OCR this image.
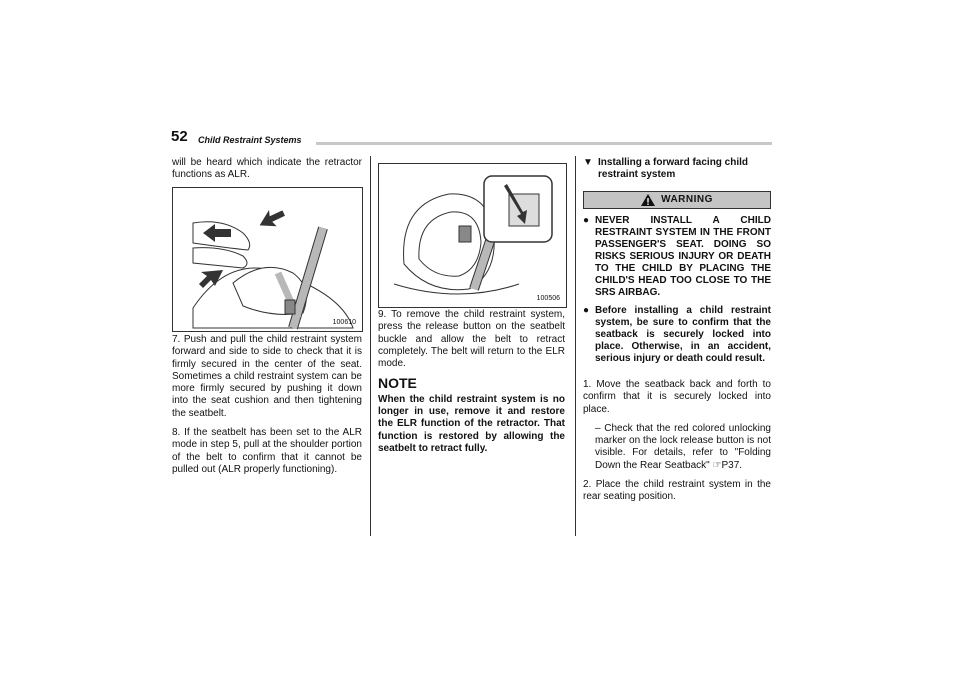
52 Child Restraint Systems

will be heard which indicate the retractor functions as ALR.

100610

7. Push and pull the child restraint system forward and side to side to check that it is firmly secured in the center of the seat. Sometimes a child restraint system can be more firmly secured by pushing it down into the seat cushion and then tightening the seatbelt.

8. If the seatbelt has been set to the ALR mode in step 5, pull at the shoulder portion of the belt to confirm that it cannot be pulled out (ALR properly functioning).

100506

9. To remove the child restraint system, press the release button on the seatbelt buckle and allow the belt to retract completely. The belt will return to the ELR mode.

NOTE

When the child restraint system is no longer in use, remove it and restore the ELR function of the retractor. That function is restored by allowing the seatbelt to retract fully.

▼ Installing a forward facing child restraint system
WARNING
● NEVER INSTALL A CHILD RESTRAINT SYSTEM IN THE FRONT PASSENGER'S SEAT. DOING SO RISKS SERIOUS INJURY OR DEATH TO THE CHILD BY PLACING THE CHILD'S HEAD TOO CLOSE TO THE SRS AIRBAG.
● Before installing a child restraint system, be sure to confirm that the seatback is securely locked into place. Otherwise, in an accident, serious injury or death could result.

1. Move the seatback back and forth to confirm that it is securely locked into place.

– Check that the red colored unlocking marker on the lock release button is not visible. For details, refer to "Folding Down the Rear Seatback" ☞P37.

2. Place the child restraint system in the rear seating position.
